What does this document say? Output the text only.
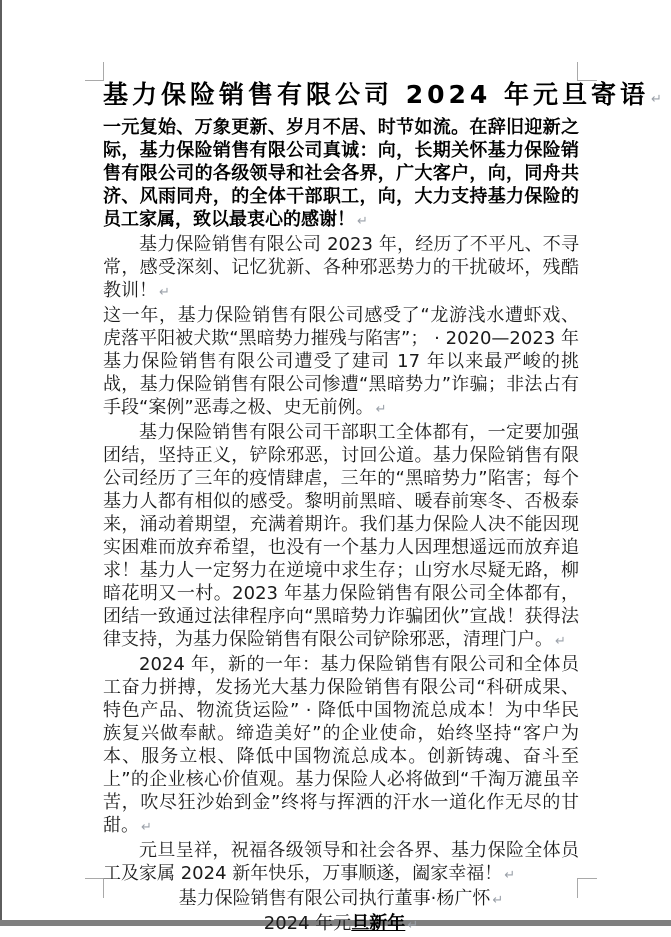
基力保险销售有限公司 2024 年元旦寄语 ↵

一元复始、万象更新、岁月不居、时节如流。在辞旧迎新之际，基力保险销售有限公司真诚：向，长期关怀基力保险销售有限公司的各级领导和社会各界，广大客户，向，同舟共济、风雨同舟，的全体干部职工，向，大力支持基力保险的员工家属，致以最衷心的感谢！ ↵

基力保险销售有限公司 2023 年，经历了不平凡、不寻常，感受深刻、记忆犹新、各种邪恶势力的干扰破坏，残酷教训！ ↵

这一年，基力保险销售有限公司感受了“龙游浅水遭虾戏、虎落平阳被犬欺“黑暗势力摧残与陷害”； · 2020—2023 年基力保险销售有限公司遭受了建司 17 年以来最严峻的挑战，基力保险销售有限公司惨遭“黑暗势力”诈骗；非法占有手段“案例”恶毒之极、史无前例。 ↵

基力保险销售有限公司干部职工全体都有，一定要加强团结，坚持正义，铲除邪恶，讨回公道。基力保险销售有限公司经历了三年的疫情肆虐，三年的“黑暗势力”陷害；每个基力人都有相似的感受。黎明前黑暗、暖春前寒冬、否极泰来，涌动着期望，充满着期许。我们基力保险人决不能因现实困难而放弃希望，也没有一个基力人因理想遥远而放弃追求！基力人一定努力在逆境中求生存；山穷水尽疑无路，柳暗花明又一村。2023 年基力保险销售有限公司全体都有，团结一致通过法律程序向“黑暗势力诈骗团伙”宣战！获得法律支持，为基力保险销售有限公司铲除邪恶，清理门户。 ↵

2024 年，新的一年：基力保险销售有限公司和全体员工奋力拼搏，发扬光大基力保险销售有限公司“科研成果、特色产品、物流货运险” · 降低中国物流总成本！为中华民族复兴做奉献。缔造美好”的企业使命，始终坚持“客户为本、服务立根、降低中国物流总成本。创新铸魂、奋斗至上”的企业核心价值观。基力保险人必将做到“千淘万漉虽辛苦，吹尽狂沙始到金”终将与挥洒的汗水一道化作无尽的甘甜。 ↵

元旦呈祥，祝福各级领导和社会各界、基力保险全体员工及家属 2024 新年快乐，万事顺遂，阖家幸福！ ↵

基力保险销售有限公司执行董事·杨广怀 ↵

2024 年元旦新年 ↵
